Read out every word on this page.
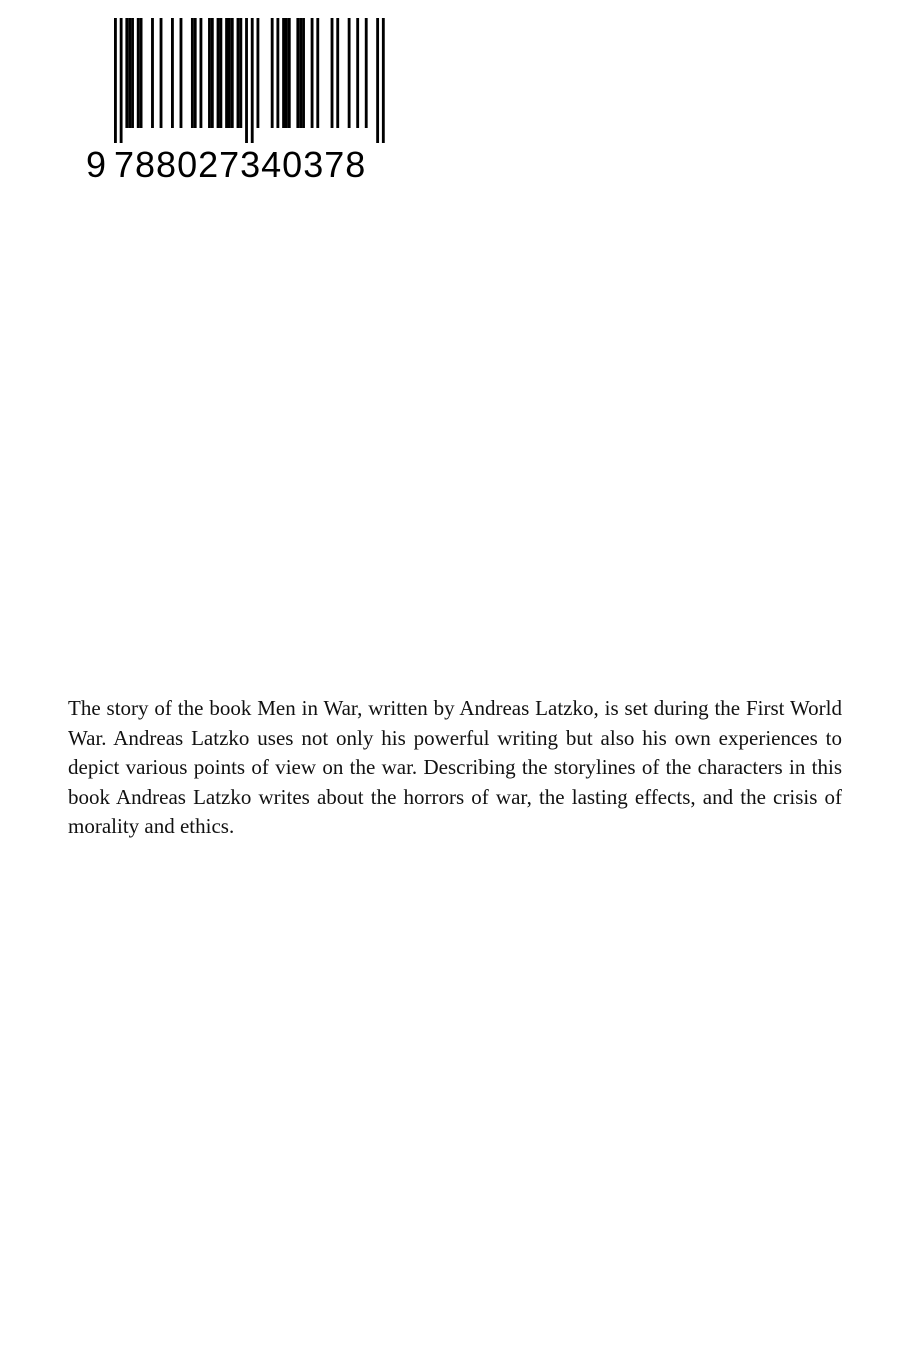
9 788027340378

The story of the book Men in War, written by Andreas Latzko, is set during the First World War. Andreas Latzko uses not only his powerful writing but also his own experiences to depict various points of view on the war. Describing the storylines of the characters in this book Andreas Latzko writes about the horrors of war, the lasting effects, and the crisis of morality and ethics.
